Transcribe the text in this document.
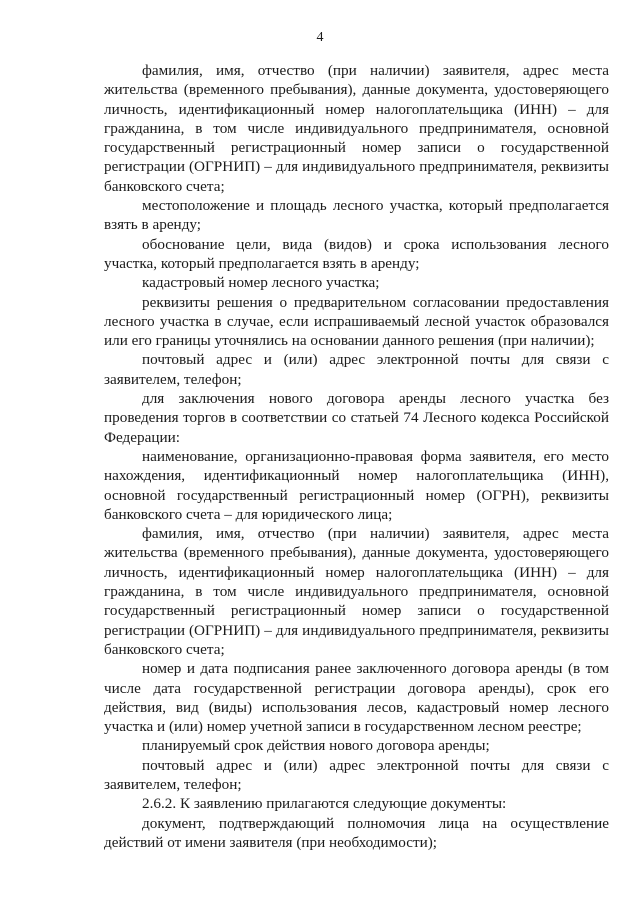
4

фамилия, имя, отчество (при наличии) заявителя, адрес места жительства (временного пребывания), данные документа, удостоверяющего личность, идентификационный номер налогоплательщика (ИНН) – для гражданина, в том числе индивидуального предпринимателя, основной государственный регистрационный номер записи о государственной регистрации (ОГРНИП) – для индивидуального предпринимателя, реквизиты банковского счета;

местоположение и площадь лесного участка, который предполагается взять в аренду;

обоснование цели, вида (видов) и срока использования лесного участка, который предполагается взять в аренду;

кадастровый номер лесного участка;

реквизиты решения о предварительном согласовании предоставления лесного участка в случае, если испрашиваемый лесной участок образовался или его границы уточнялись на основании данного решения (при наличии);

почтовый адрес и (или) адрес электронной почты для связи с заявителем, телефон;

для заключения нового договора аренды лесного участка без проведения торгов в соответствии со статьей 74 Лесного кодекса Российской Федерации:

наименование, организационно-правовая форма заявителя, его место нахождения, идентификационный номер налогоплательщика (ИНН), основной государственный регистрационный номер (ОГРН), реквизиты банковского счета – для юридического лица;

фамилия, имя, отчество (при наличии) заявителя, адрес места жительства (временного пребывания), данные документа, удостоверяющего личность, идентификационный номер налогоплательщика (ИНН) – для гражданина, в том числе индивидуального предпринимателя, основной государственный регистрационный номер записи о государственной регистрации (ОГРНИП) – для индивидуального предпринимателя, реквизиты банковского счета;

номер и дата подписания ранее заключенного договора аренды (в том числе дата государственной регистрации договора аренды), срок его действия, вид (виды) использования лесов, кадастровый номер лесного участка и (или) номер учетной записи в государственном лесном реестре;

планируемый срок действия нового договора аренды;

почтовый адрес и (или) адрес электронной почты для связи с заявителем, телефон;

2.6.2. К заявлению прилагаются следующие документы:

документ, подтверждающий полномочия лица на осуществление действий от имени заявителя (при необходимости);
